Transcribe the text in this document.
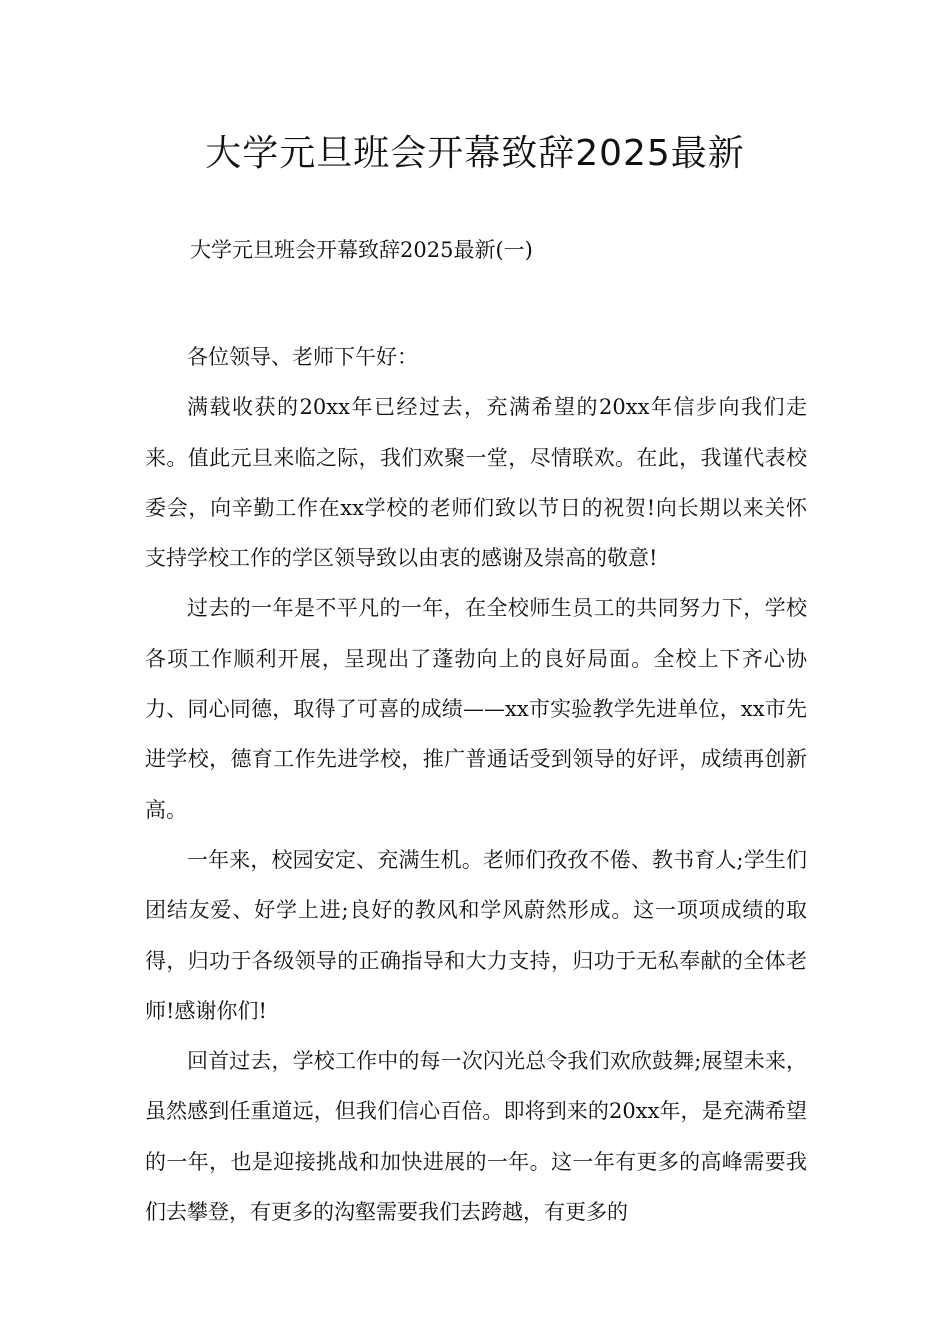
大学元旦班会开幕致辞2025最新

大学元旦班会开幕致辞2025最新(一)

各位领导、老师下午好：

满载收获的20xx年已经过去，充满希望的20xx年信步向我们走来。值此元旦来临之际，我们欢聚一堂，尽情联欢。在此，我谨代表校委会，向辛勤工作在xx学校的老师们致以节日的祝贺!向长期以来关怀支持学校工作的学区领导致以由衷的感谢及崇高的敬意!

过去的一年是不平凡的一年，在全校师生员工的共同努力下，学校各项工作顺利开展，呈现出了蓬勃向上的良好局面。全校上下齐心协力、同心同德，取得了可喜的成绩——xx市实验教学先进单位，xx市先进学校，德育工作先进学校，推广普通话受到领导的好评，成绩再创新高。

一年来，校园安定、充满生机。老师们孜孜不倦、教书育人;学生们团结友爱、好学上进;良好的教风和学风蔚然形成。这一项项成绩的取得，归功于各级领导的正确指导和大力支持，归功于无私奉献的全体老师!感谢你们!

回首过去，学校工作中的每一次闪光总令我们欢欣鼓舞;展望未来，虽然感到任重道远，但我们信心百倍。即将到来的20xx年，是充满希望的一年，也是迎接挑战和加快进展的一年。这一年有更多的高峰需要我们去攀登，有更多的沟壑需要我们去跨越，有更多的
